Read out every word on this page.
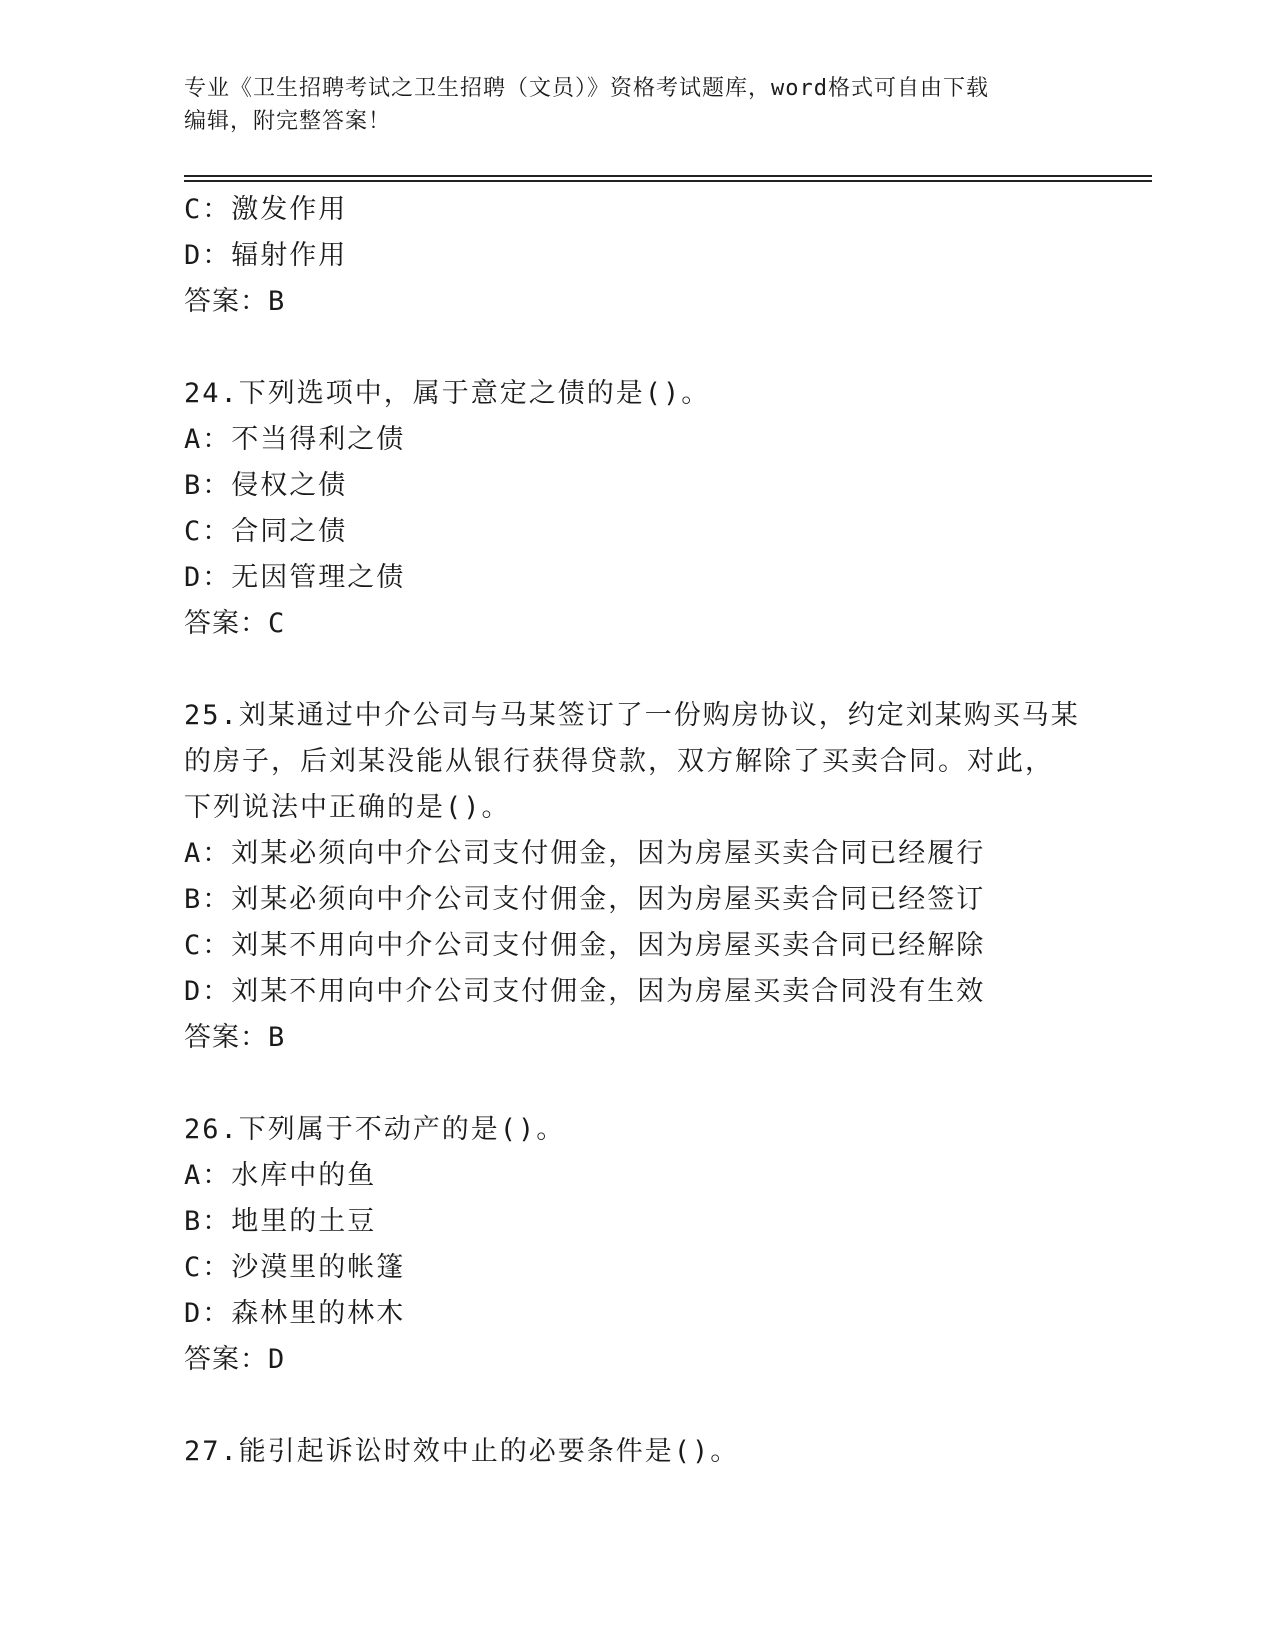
专业《卫生招聘考试之卫生招聘（文员）》资格考试题库，word格式可自由下载
编辑，附完整答案！
C：激发作用
D：辐射作用
答案：B
24.下列选项中，属于意定之债的是()。
A：不当得利之债
B：侵权之债
C：合同之债
D：无因管理之债
答案：C
25.刘某通过中介公司与马某签订了一份购房协议，约定刘某购买马某
的房子，后刘某没能从银行获得贷款，双方解除了买卖合同。对此，
下列说法中正确的是()。
A：刘某必须向中介公司支付佣金，因为房屋买卖合同已经履行
B：刘某必须向中介公司支付佣金，因为房屋买卖合同已经签订
C：刘某不用向中介公司支付佣金，因为房屋买卖合同已经解除
D：刘某不用向中介公司支付佣金，因为房屋买卖合同没有生效
答案：B
26.下列属于不动产的是()。
A：水库中的鱼
B：地里的土豆
C：沙漠里的帐篷
D：森林里的林木
答案：D
27.能引起诉讼时效中止的必要条件是()。
